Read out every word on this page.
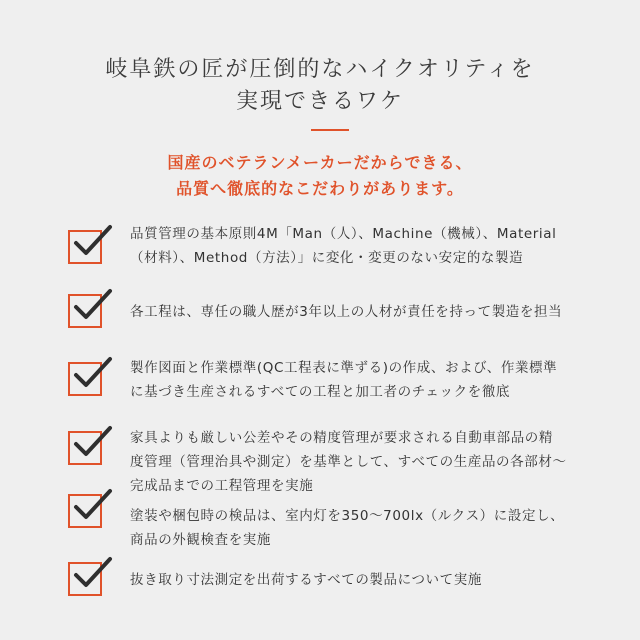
岐阜鉄の匠が圧倒的なハイクオリティを
実現できるワケ
国産のベテランメーカーだからできる、
品質へ徹底的なこだわりがあります。
品質管理の基本原則4M「Man（人）、Machine（機械）、Material
（材料）、Method（方法）」に変化・変更のない安定的な製造
各工程は、専任の職人歴が3年以上の人材が責任を持って製造を担当
製作図面と作業標準(QC工程表に準ずる)の作成、および、作業標準
に基づき生産されるすべての工程と加工者のチェックを徹底
家具よりも厳しい公差やその精度管理が要求される自動車部品の精
度管理（管理治具や測定）を基準として、すべての生産品の各部材～
完成品までの工程管理を実施
塗装や梱包時の検品は、室内灯を350～700lx（ルクス）に設定し、
商品の外観検査を実施
抜き取り寸法測定を出荷するすべての製品について実施
